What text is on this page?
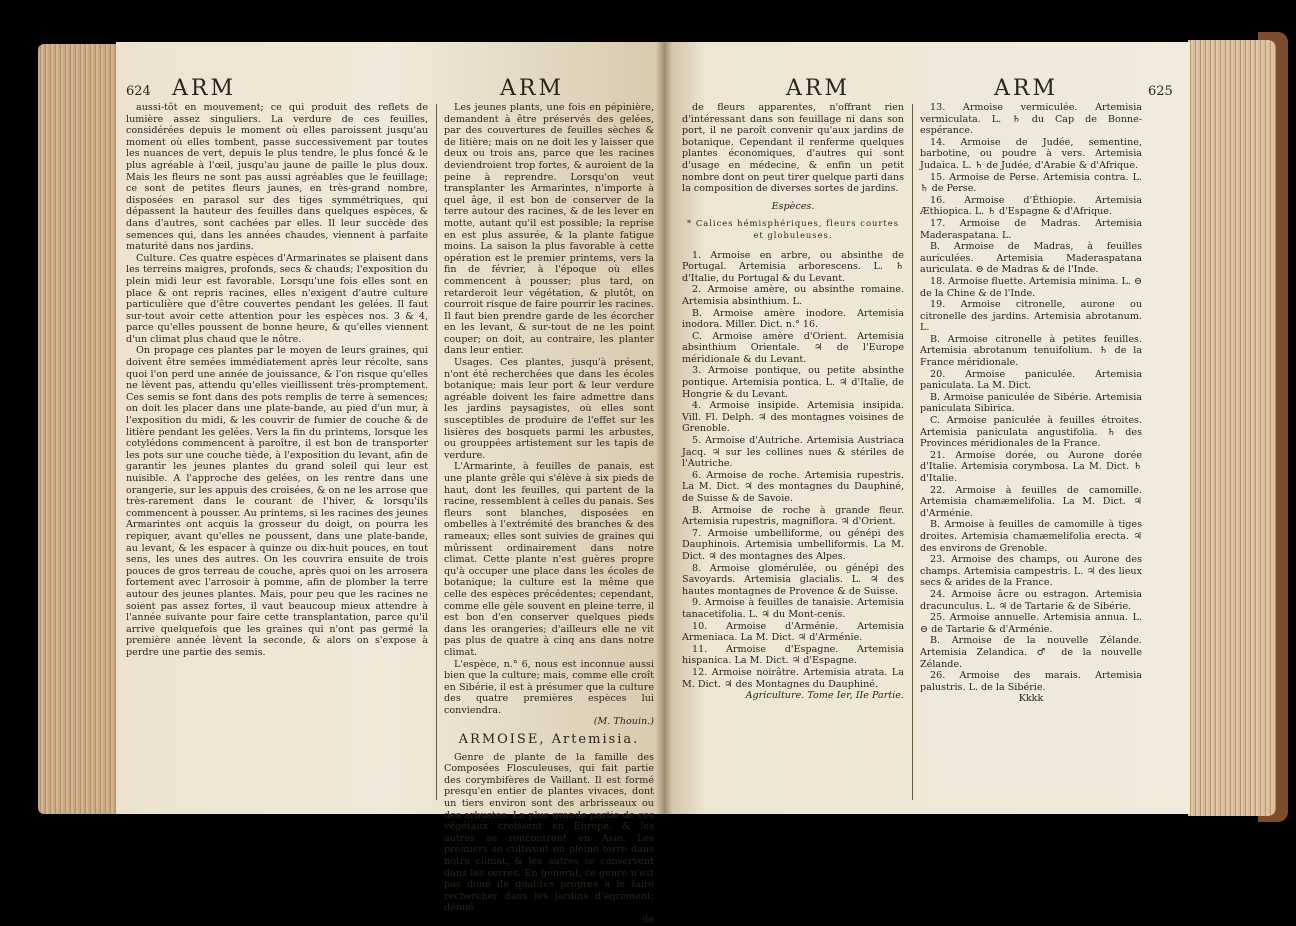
624 ARM	ARM

aussi-tôt en mouvement; ce qui produit des reflets de lumière assez singuliers. La verdure de ces feuilles, considérées depuis le moment où elles paroissent jusqu'au moment où elles tombent, passe successivement par toutes les nuances de vert, depuis le plus tendre, le plus foncé & le plus agréable à l'œil, jusqu'au jaune de paille le plus doux. Mais les fleurs ne sont pas aussi agréables que le feuillage; ce sont de petites fleurs jaunes, en très-grand nombre, disposées en parasol sur des tiges symmétriques, qui dépassent la hauteur des feuilles dans quelques espèces, & dans d'autres, sont cachées par elles. Il leur succède des semences qui, dans les années chaudes, viennent à parfaite maturité dans nos jardins.

Culture. Ces quatre espèces d'Armarinates se plaisent dans les terreins maigres, profonds, secs & chauds; l'exposition du plein midi leur est favorable. Lorsqu'une fois elles sont en place & ont repris racines, elles n'exigent d'autre culture particulière que d'être couvertes pendant les gelées. Il faut sur-tout avoir cette attention pour les espèces nos. 3 & 4, parce qu'elles poussent de bonne heure, & qu'elles viennent d'un climat plus chaud que le nôtre.

On propage ces plantes par le moyen de leurs graines, qui doivent être semées immédiatement après leur récolte, sans quoi l'on perd une année de jouissance, & l'on risque qu'elles ne lèvent pas, attendu qu'elles vieillissent très-promptement. Ces semis se font dans des pots remplis de terre à semences; on doit les placer dans une plate-bande, au pied d'un mur, à l'exposition du midi, & les couvrir de fumier de couche & de litière pendant les gelées. Vers la fin du printems, lorsque les cotylédons commencent à paroître, il est bon de transporter les pots sur une couche tiède, à l'exposition du levant, afin de garantir les jeunes plantes du grand soleil qui leur est nuisible. A l'approche des gelées, on les rentre dans une orangerie, sur les appuis des croisées, & on ne les arrose que très-rarement dans le courant de l'hiver, & lorsqu'ils commencent à pousser. Au printems, si les racines des jeunes Armarintes ont acquis la grosseur du doigt, on pourra les repiquer, avant qu'elles ne poussent, dans une plate-bande, au levant, & les espacer à quinze ou dix-huit pouces, en tout sens, les unes des autres. On les couvrira ensuite de trois pouces de gros terreau de couche, après quoi on les arrosera fortement avec l'arrosoir à pomme, afin de plomber la terre autour des jeunes plantes. Mais, pour peu que les racines ne soient pas assez fortes, il vaut beaucoup mieux attendre à l'année suivante pour faire cette transplantation, parce qu'il arrive quelquefois que les graines qui n'ont pas germé la première année lèvent la seconde, & alors on s'expose à perdre une partie des semis.

Les jeunes plants, une fois en pépinière, demandent à être préservés des gelées, par des couvertures de feuilles sèches & de litière; mais on ne doit les y laisser que deux ou trois ans, parce que les racines deviendroient trop fortes, & auroient de la peine à reprendre. Lorsqu'on veut transplanter les Armarintes, n'importe à quel âge, il est bon de conserver de la terre autour des racines, & de les lever en motte, autant qu'il est possible; la reprise en est plus assurée, & la plante fatigue moins. La saison la plus favorable à cette opération est le premier printems, vers la fin de février, à l'époque où elles commencent à pousser; plus tard, on retarderoit leur végétation, & plutôt, on courroit risque de faire pourrir les racines. Il faut bien prendre garde de les écorcher en les levant, & sur-tout de ne les point couper; on doit, au contraire, les planter dans leur entier.

Usages. Ces plantes, jusqu'à présent, n'ont été recherchées que dans les écoles botanique; mais leur port & leur verdure agréable doivent les faire admettre dans les jardins paysagistes, où elles sont susceptibles de produire de l'effet sur les lisières des bosquets parmi les arbustes, ou grouppées artistement sur les tapis de verdure.

L'Armarinte, à feuilles de panais, est une plante grêle qui s'élève à six pieds de haut, dont les feuilles, qui partent de la racine, ressemblent à celles du panais. Ses fleurs sont blanches, disposées en ombelles à l'extrémité des branches & des rameaux; elles sont suivies de graines qui mûrissent ordinairement dans notre climat. Cette plante n'est guères propre qu'à occuper une place dans les écoles de botanique; la culture est la même que celle des espèces précédentes; cependant, comme elle gèle souvent en pleine terre, il est bon d'en conserver quelques pieds dans les orangeries; d'ailleurs elle ne vit pas plus de quatre à cinq ans dans notre climat.

L'espèce, n.° 6, nous est inconnue aussi bien que la culture; mais, comme elle croît en Sibérie, il est à présumer que la culture des quatre premières espèces lui conviendra.

(M. Thouin.)

ARMOISE, Artemisia.

Genre de plante de la famille des Composées Flosculeuses, qui fait partie des corymbifères de Vaillant. Il est formé presqu'en entier de plantes vivaces, dont un tiers environ sont des arbrisseaux ou des arbustes. La plus grande partie de ces végétaux croissent en Europe, & les autres se rencontrent en Asie. Les premiers se cultivent en pleine terre dans notre climat, & les autres se conservent dans les serres. En général, ce genre n'est pas doué de qualités propres à le faire rechercher dans les jardins d'agrément; dénué

de

ARM	ARM	625

de fleurs apparentes, n'offrant rien d'intéressant dans son feuillage ni dans son port, il ne paroît convenir qu'aux jardins de botanique. Cependant il renferme quelques plantes économiques, d'autres qui sont d'usage en médecine, & enfin un petit nombre dont on peut tirer quelque parti dans la composition de diverses sortes de jardins.

Espèces.

* Calices hémisphériques, fleurs courtes et globuleuses.

1. Armoise en arbre, ou absinthe de Portugal. Artemisia arborescens. L. ♄ d'Italie, du Portugal & du Levant.

2. Armoise amère, ou absinthe romaine. Artemisia absinthium. L.

B. Armoise amère inodore. Artemisia inodora. Miller. Dict. n.° 16.

C. Armoise amère d'Orient. Artemisia absinthium Orientale. ♃ de l'Europe méridionale & du Levant.

3. Armoise pontique, ou petite absinthe pontique. Artemisia pontica. L. ♃ d'Italie, de Hongrie & du Levant.

4. Armoise insipide. Artemisia insipida. Vill. Fl. Delph. ♃ des montagnes voisines de Grenoble.

5. Armoise d'Autriche. Artemisia Austriaca Jacq. ♃ sur les collines nues & stériles de l'Autriche.

6. Armoise de roche. Artemisia rupestris. La M. Dict. ♃ des montagnes du Dauphiné, de Suisse & de Savoie.

B. Armoise de roche à grande fleur. Artemisia rupestris, magniflora. ♃ d'Orient.

7. Armoise umbelliforme, ou génépi des Dauphinois. Artemisia umbelliformis. La M. Dict. ♃ des montagnes des Alpes.

8. Armoise glomérulée, ou génépi des Savoyards. Artemisia glacialis. L. ♃ des hautes montagnes de Provence & de Suisse.

9. Armoise à feuilles de tanaisie. Artemisia tanacetifolia. L. ♃ du Mont-cenis.

10. Armoise d'Arménie. Artemisia Armeniaca. La M. Dict. ♃ d'Arménie.

11. Armoise d'Espagne. Artemisia hispanica. La M. Dict. ♃ d'Espagne.

12. Armoise noirâtre. Artemisia atrata. La M. Dict. ♃ des Montagnes du Dauphiné.

Agriculture. Tome Ier, IIe Partie.

13. Armoise vermiculée. Artemisia vermiculata. L. ♄ du Cap de Bonne-espérance.

14. Armoise de Judée, sementine, barbotine, ou poudre à vers. Artemisia Judaica. L. ♄ de Judée, d'Arabie & d'Afrique.

15. Armoise de Perse. Artemisia contra. L. ♄ de Perse.

16. Armoise d'Éthiopie. Artemisia Æthiopica. L. ♄ d'Espagne & d'Afrique.

17. Armoise de Madras. Artemisia Maderaspatana. L.

B. Armoise de Madras, à feuilles auriculées. Artemisia Maderaspatana auriculata. ⊖ de Madras & de l'Inde.

18. Armoise fluette. Artemisia minima. L. ⊖ de la Chine & de l'Inde.

19. Armoise citronelle, aurone ou citronelle des jardins. Artemisia abrotanum. L.

B. Armoise citronelle à petites feuilles. Artemisia abrotanum tenuifolium. ♄ de la France méridionale.

20. Armoise paniculée. Artemisia paniculata. La M. Dict.

B. Armoise paniculée de Sibérie. Artemisia paniculata Sibirica.

C. Armoise paniculée à feuilles étroites. Artemisia paniculata angustifolia. ♄ des Provinces méridionales de la France.

21. Armoise dorée, ou Aurone dorée d'Italie. Artemisia corymbosa. La M. Dict. ♄ d'Italie.

22. Armoise à feuilles de camomille. Artemisia chamæmelifolia. La M. Dict. ♃ d'Arménie.

B. Armoise à feuilles de camomille à tiges droites. Artemisia chamæmelifolia erecta. ♃ des environs de Grenoble.

23. Armoise des champs, ou Aurone des champs. Artemisia campestris. L. ♃ des lieux secs & arides de la France.

24. Armoise âcre ou estragon. Artemisia dracunculus. L. ♃ de Tartarie & de Sibérie.

25. Armoise annuelle. Artemisia annua. L. ⊖ de Tartarie & d'Arménie.

B. Armoise de la nouvelle Zélande. Artemisia Zelandica. ♂ de la nouvelle Zélande.

26. Armoise des marais. Artemisia palustris. L. de la Sibérie.

Kkkk
